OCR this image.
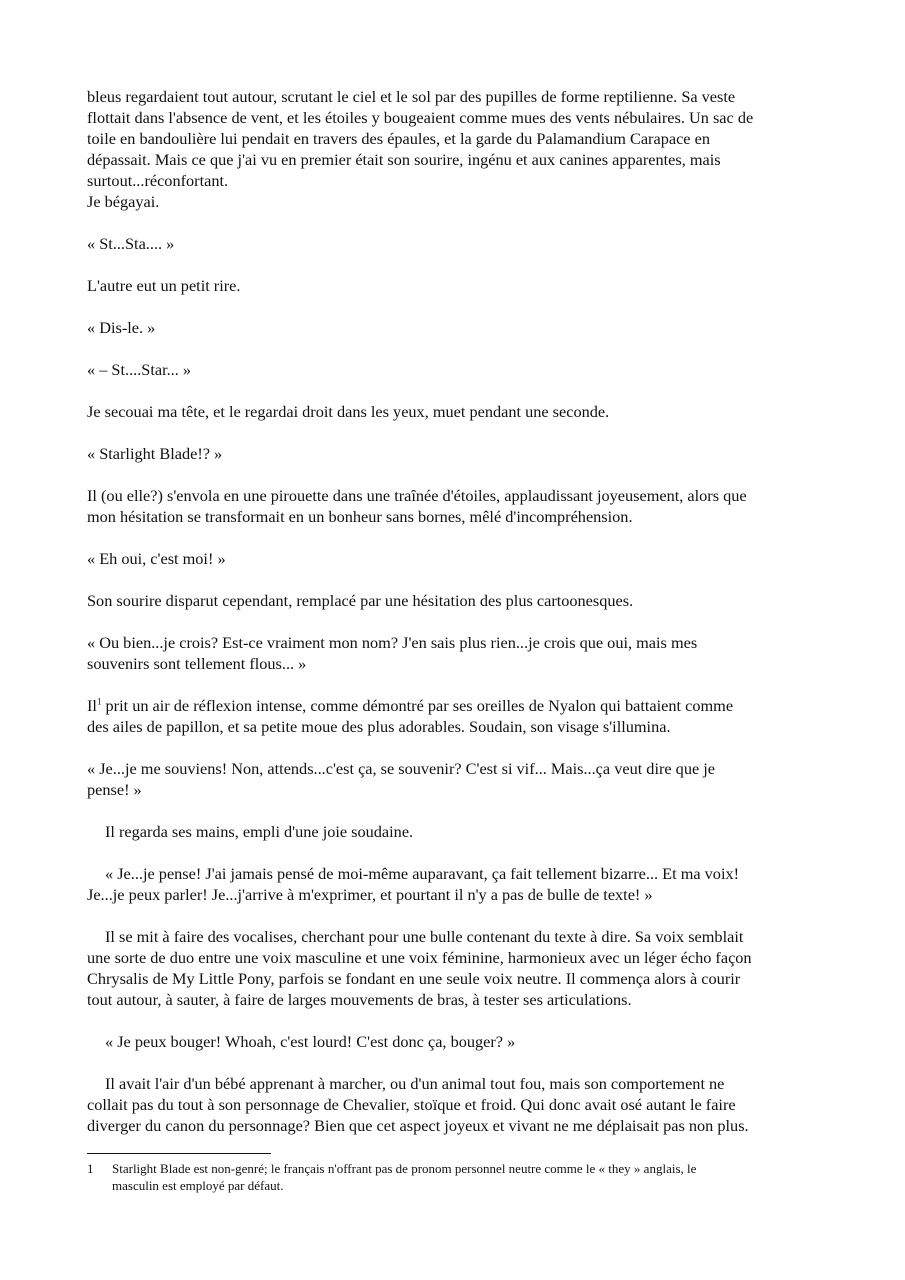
bleus regardaient tout autour, scrutant le ciel et le sol par des pupilles de forme reptilienne. Sa veste
flottait dans l'absence de vent, et les étoiles y bougeaient comme mues des vents nébulaires. Un sac de
toile en bandoulière lui pendait en travers des épaules, et la garde du Palamandium Carapace en
dépassait. Mais ce que j'ai vu en premier était son sourire, ingénu et aux canines apparentes, mais
surtout...réconfortant.

Je bégayai.

« St...Sta.... »

L'autre eut un petit rire.

« Dis-le. »

« – St....Star... »

Je secouai ma tête, et le regardai droit dans les yeux, muet pendant une seconde.

« Starlight Blade!? »

Il (ou elle?) s'envola en une pirouette dans une traînée d'étoiles, applaudissant joyeusement, alors que
mon hésitation se transformait en un bonheur sans bornes, mêlé d'incompréhension.

« Eh oui, c'est moi! »

Son sourire disparut cependant, remplacé par une hésitation des plus cartoonesques.

« Ou bien...je crois? Est-ce vraiment mon nom? J'en sais plus rien...je crois que oui, mais mes
souvenirs sont tellement flous... »

Il$^1$ prit un air de réflexion intense, comme démontré par ses oreilles de Nyalon qui battaient comme
des ailes de papillon, et sa petite moue des plus adorables. Soudain, son visage s'illumina.

« Je...je me souviens! Non, attends...c'est ça, se souvenir? C'est si vif... Mais...ça veut dire que je
pense! »

Il regarda ses mains, empli d'une joie soudaine.

« Je...je pense! J'ai jamais pensé de moi-même auparavant, ça fait tellement bizarre... Et ma voix!
Je...je peux parler! Je...j'arrive à m'exprimer, et pourtant il n'y a pas de bulle de texte! »

Il se mit à faire des vocalises, cherchant pour une bulle contenant du texte à dire. Sa voix semblait
une sorte de duo entre une voix masculine et une voix féminine, harmonieux avec un léger écho façon
Chrysalis de My Little Pony, parfois se fondant en une seule voix neutre. Il commença alors à courir
tout autour, à sauter, à faire de larges mouvements de bras, à tester ses articulations.

« Je peux bouger! Whoah, c'est lourd! C'est donc ça, bouger? »

Il avait l'air d'un bébé apprenant à marcher, ou d'un animal tout fou, mais son comportement ne
collait pas du tout à son personnage de Chevalier, stoïque et froid. Qui donc avait osé autant le faire
diverger du canon du personnage? Bien que cet aspect joyeux et vivant ne me déplaisait pas non plus.

1 Starlight Blade est non-genré; le français n'offrant pas de pronom personnel neutre comme le « they » anglais, le
masculin est employé par défaut.
